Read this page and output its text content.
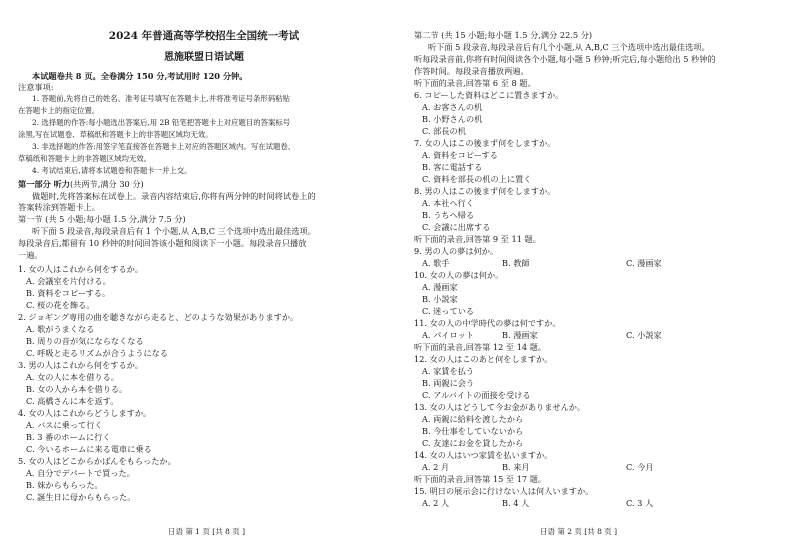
2024 年普通高等学校招生全国统一考试
恩施联盟日语试题
本试题卷共 8 页。全卷满分 150 分,考试用时 120 分钟。
注意事项:
1. 答题前,先将自己的姓名、准考证号填写在答题卡上,并将准考证号条形码粘贴
在答题卡上的指定位置。
2. 选择题的作答:每小题选出答案后,用 2B 铅笔把答题卡上对应题目的答案标号
涂黑,写在试题卷、草稿纸和答题卡上的非答题区域均无效。
3. 非选择题的作答:用签字笔直接答在答题卡上对应的答题区域内。写在试题卷、
草稿纸和答题卡上的非答题区域均无效。
4. 考试结束后,请将本试题卷和答题卡一并上交。
第一部分 听力(共两节,满分 30 分)
做题时,先将答案标在试卷上。录音内容结束后,你将有两分钟的时间将试卷上的
答案转涂到答题卡上。
第一节 (共 5 小题;每小题 1.5 分,满分 7.5 分)
听下面 5 段录音,每段录音后有 1 个小题,从 A,B,C 三个选项中选出最佳选项。
每段录音后,都留有 10 秒钟的时间回答该小题和阅读下一小题。每段录音只播放
一遍。
1. 女の人はこれから何をするか。
A. 会議室を片付ける。
B. 資料をコピーする。
C. 桜の花を飾る。
2. ジョギング専用の曲を聴きながら走ると、どのような効果がありますか。
A. 歌がうまくなる
B. 周りの音が気にならなくなる
C. 呼吸と走るリズムが合うようになる
3. 男の人はこれから何をするか。
A. 女の人に本を借りる。
B. 女の人から本を借りる。
C. 高橋さんに本を返す。
4. 女の人はこれからどうしますか。
A. バスに乗って行く
B. 3 番のホームに行く
C. 今いるホームに来る電車に乗る
5. 女の人はどこからかばんをもらったか。
A. 自分でデパートで買った。
B. 妹からもらった。
C. 誕生日に母からもらった。
日语 第 1 页 [共 8 页 ]
第二节 (共 15 小题;每小题 1.5 分,满分 22.5 分)
听下面 5 段录音,每段录音后有几个小题,从 A,B,C 三个选项中选出最佳选项。
听每段录音前,你将有时间阅读各个小题,每小题 5 秒钟;听完后,每小题给出 5 秒钟的
作答时间。每段录音播放两遍。
听下面的录音,回答第 6 至 8 题。
6. コピーした資料はどこに置きますか。
A. お客さんの机
B. 小野さんの机
C. 部長の机
7. 女の人はこの後まず何をしますか。
A. 資料をコピーする
B. 客に電話する
C. 資料を部長の机の上に置く
8. 男の人はこの後まず何をしますか。
A. 本社へ行く
B. うちへ帰る
C. 会議に出席する
听下面的录音,回答第 9 至 11 题。
9. 男の人の夢は何か。
A. 歌手	B. 教師	C. 漫画家
10. 女の人の夢は何か。
A. 漫画家
B. 小説家
C. 迷っている
11. 女の人の中学時代の夢は何ですか。
A. パイロット	B. 漫画家	C. 小説家
听下面的录音,回答第 12 至 14 题。
12. 女の人はこのあと何をしますか。
A. 家賃を払う
B. 両親に会う
C. アルバイトの面接を受ける
13. 女の人はどうして今お金がありませんか。
A. 両親に給料を渡したから
B. 今仕事をしていないから
C. 友達にお金を貸したから
14. 女の人はいつ家賃を払いますか。
A. 2 月	B. 来月	C. 今月
听下面的录音,回答第 15 至 17 题。
15. 明日の展示会に行けない人は何人いますか。
A. 2 人	B. 4 人	C. 3 人
日语 第 2 页 [共 8 页 ]
